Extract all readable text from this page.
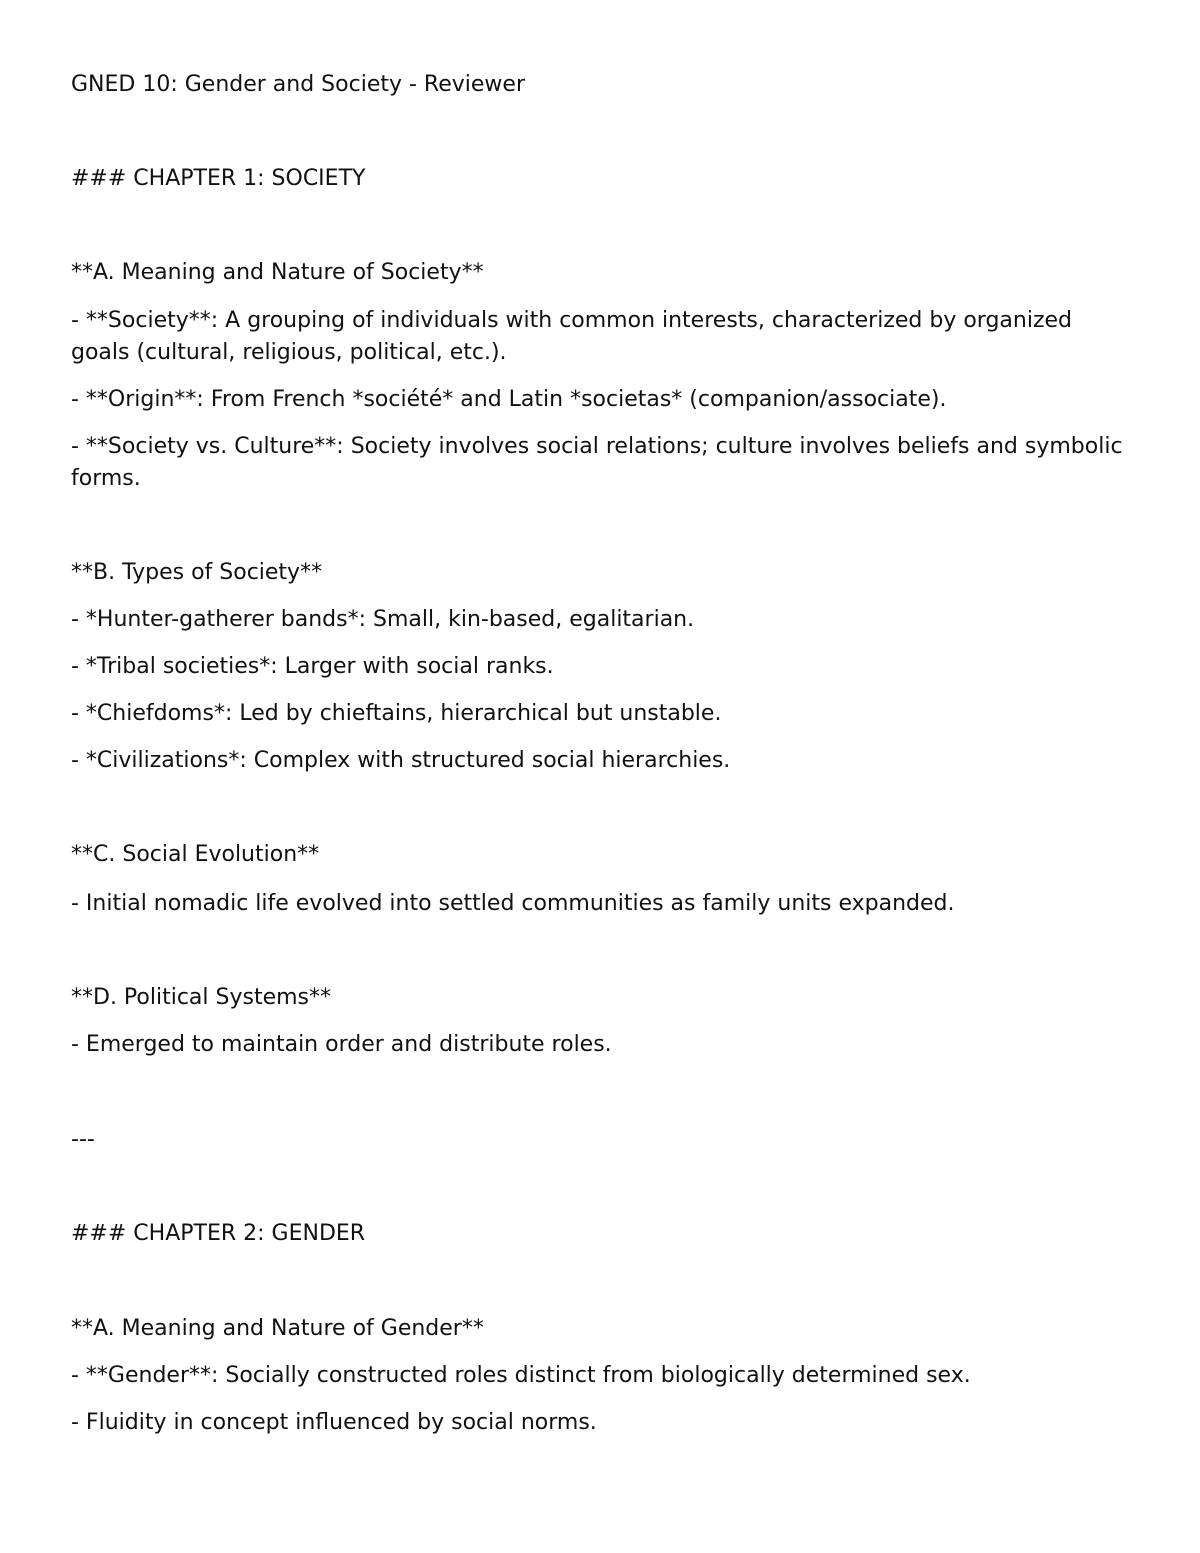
GNED 10: Gender and Society - Reviewer

### CHAPTER 1: SOCIETY

**A. Meaning and Nature of Society**

- **Society**: A grouping of individuals with common interests, characterized by organized goals (cultural, religious, political, etc.).

- **Origin**: From French *société* and Latin *societas* (companion/associate).

- **Society vs. Culture**: Society involves social relations; culture involves beliefs and symbolic forms.

**B. Types of Society**

- *Hunter-gatherer bands*: Small, kin-based, egalitarian.

- *Tribal societies*: Larger with social ranks.

- *Chiefdoms*: Led by chieftains, hierarchical but unstable.

- *Civilizations*: Complex with structured social hierarchies.

**C. Social Evolution**

- Initial nomadic life evolved into settled communities as family units expanded.

**D. Political Systems**

- Emerged to maintain order and distribute roles.

---

### CHAPTER 2: GENDER

**A. Meaning and Nature of Gender**

- **Gender**: Socially constructed roles distinct from biologically determined sex.

- Fluidity in concept influenced by social norms.
